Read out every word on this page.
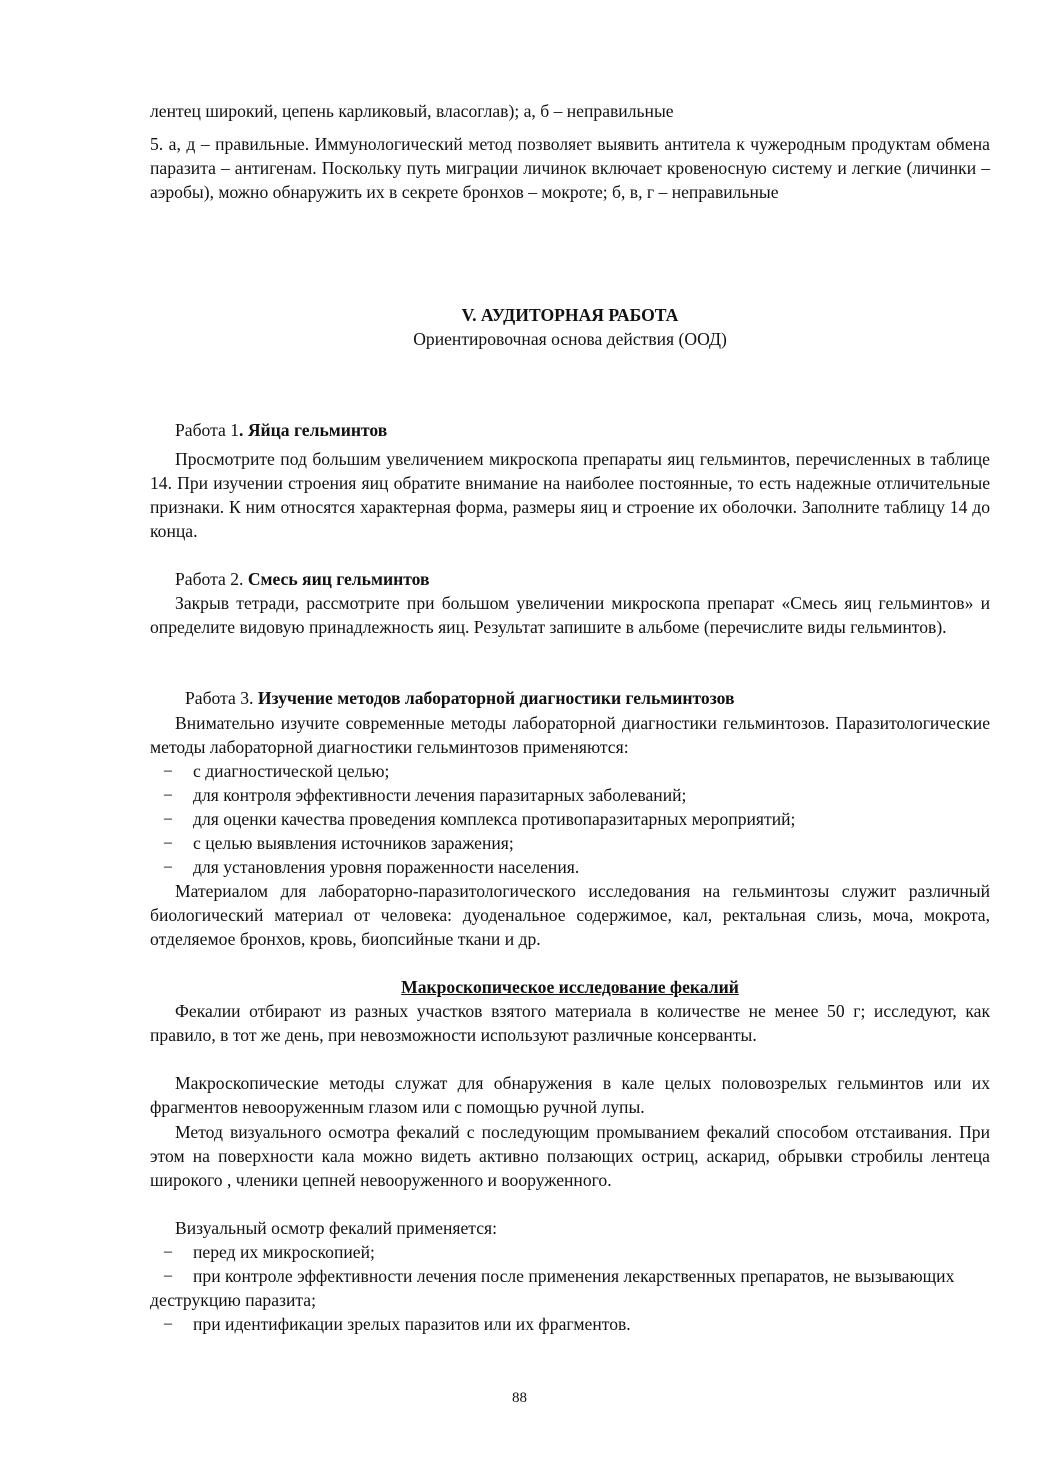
лентец широкий, цепень карликовый, власоглав); а, б – неправильные

5. а, д – правильные. Иммунологический метод позволяет выявить антитела к чужеродным продуктам обмена паразита – антигенам. Поскольку путь миграции личинок включает кровеносную систему и легкие (личинки – аэробы), можно обнаружить их в секрете бронхов – мокроте; б, в, г – неправильные

V. АУДИТОРНАЯ РАБОТА

Ориентировочная основа действия (ООД)

Работа 1. Яйца гельминтов

Просмотрите под большим увеличением микроскопа препараты яиц гельминтов, перечисленных в таблице 14. При изучении строения яиц обратите внимание на наиболее постоянные, то есть надежные отличительные признаки. К ним относятся характерная форма, размеры яиц и строение их оболочки. Заполните таблицу 14 до конца.

Работа 2. Смесь яиц гельминтов

Закрыв тетради, рассмотрите при большом увеличении микроскопа препарат «Смесь яиц гельминтов» и определите видовую принадлежность яиц. Результат запишите в альбоме (перечислите виды гельминтов).

Работа 3. Изучение методов лабораторной диагностики гельминтозов

Внимательно изучите современные методы лабораторной диагностики гельминтозов. Паразитологические методы лабораторной диагностики гельминтозов применяются:

− с диагностической целью;

− для контроля эффективности лечения паразитарных заболеваний;

− для оценки качества проведения комплекса противопаразитарных мероприятий;

− с целью выявления источников заражения;

− для установления уровня пораженности населения.

Материалом для лабораторно-паразитологического исследования на гельминтозы служит различный биологический материал от человека: дуоденальное содержимое, кал, ректальная слизь, моча, мокрота, отделяемое бронхов, кровь, биопсийные ткани и др.

Макроскопическое исследование фекалий

Фекалии отбирают из разных участков взятого материала в количестве не менее 50 г; исследуют, как правило, в тот же день, при невозможности используют различные консерванты.

Макроскопические методы служат для обнаружения в кале целых половозрелых гельминтов или их фрагментов невооруженным глазом или с помощью ручной лупы.

Метод визуального осмотра фекалий с последующим промыванием фекалий способом отстаивания. При этом на поверхности кала можно видеть активно ползающих остриц, аскарид, обрывки стробилы лентеца широкого , членики цепней невооруженного и вооруженного.

Визуальный осмотр фекалий применяется:

− перед их микроскопией;

− при контроле эффективности лечения после применения лекарственных препаратов, не вызывающих деструкцию паразита;

− при идентификации зрелых паразитов или их фрагментов.

88
